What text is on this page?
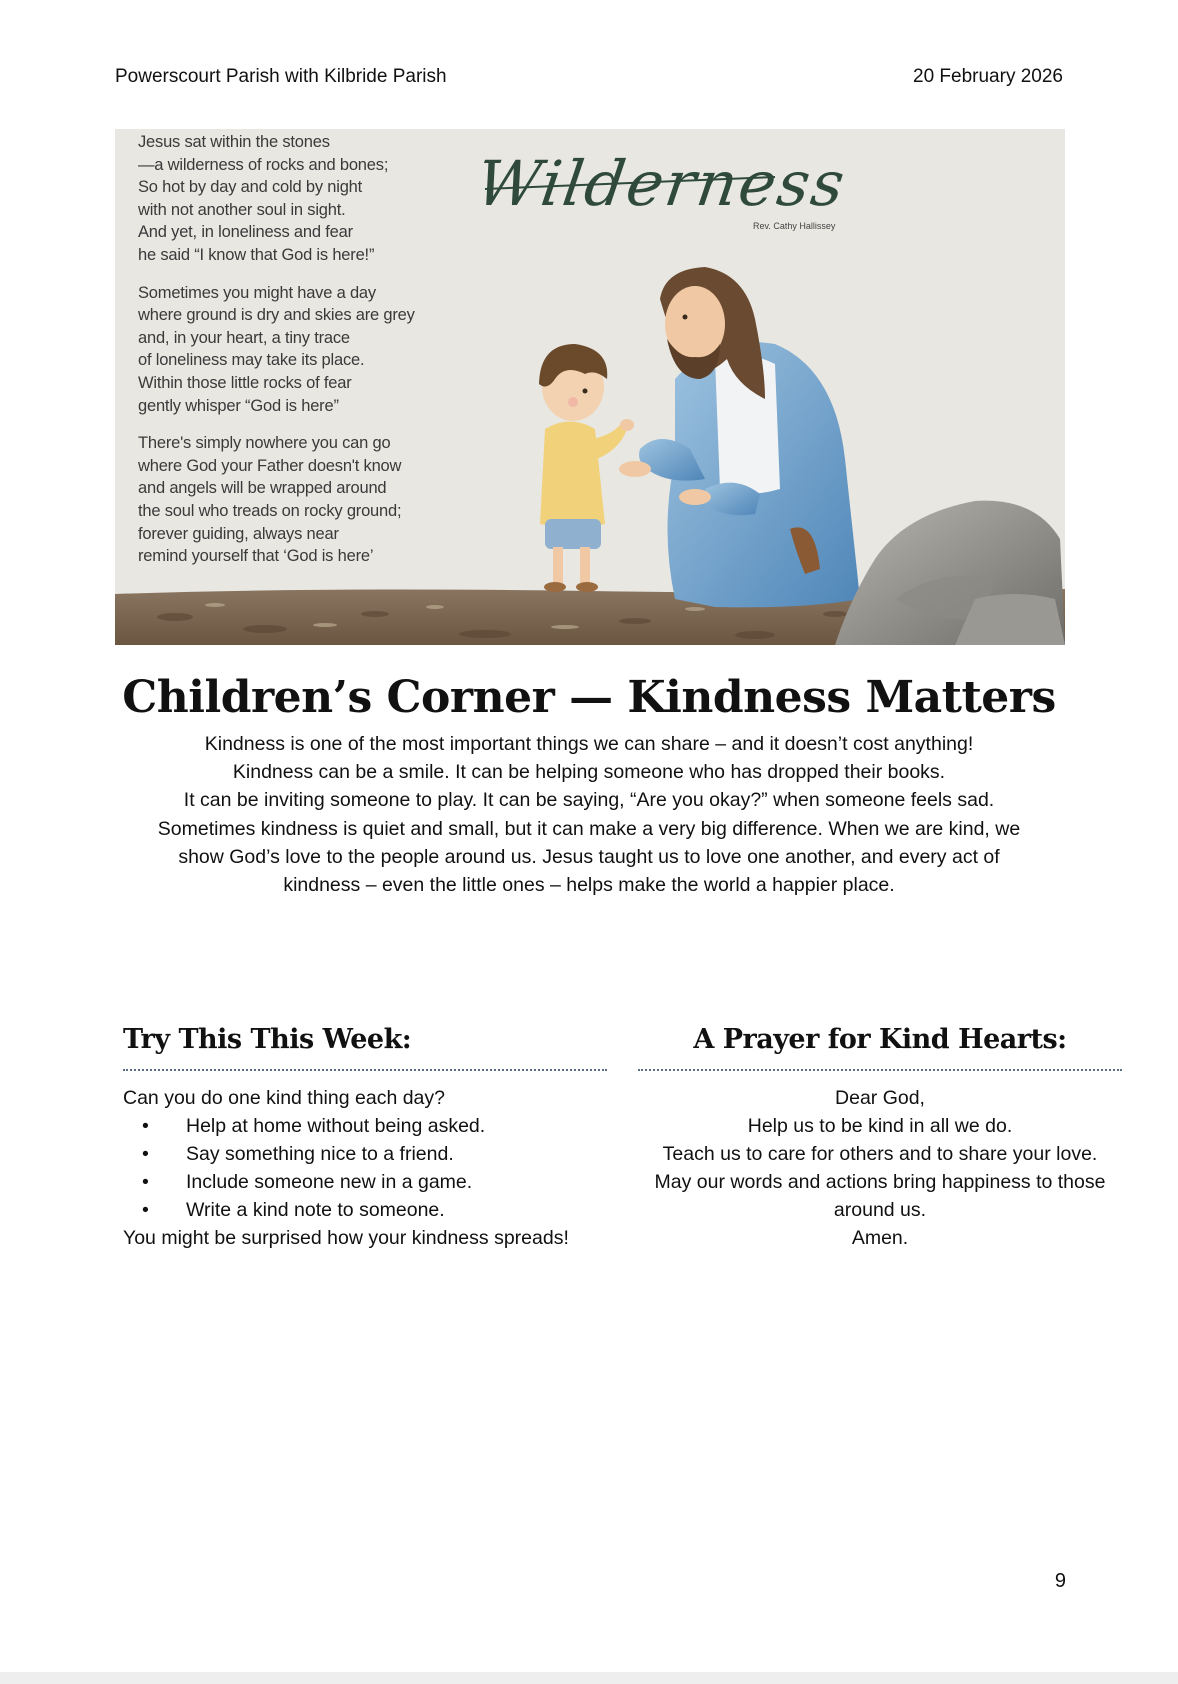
Powerscourt Parish with Kilbride Parish	20 February 2026
Wilderness
Rev. Cathy Hallissey
Jesus sat within the stones
—a wilderness of rocks and bones;
So hot by day and cold by night
with not another soul in sight.
And yet, in loneliness and fear
he said “I know that God is here!”
Sometimes you might have a day
where ground is dry and skies are grey
and, in your heart, a tiny trace
of loneliness may take its place.
Within those little rocks of fear
gently whisper “God is here”
There's simply nowhere you can go
where God your Father doesn't know
and angels will be wrapped around
the soul who treads on rocky ground;
forever guiding, always near
remind yourself that ‘God is here’
Children’s Corner — Kindness Matters
Kindness is one of the most important things we can share – and it doesn’t cost anything!
Kindness can be a smile. It can be helping someone who has dropped their books.
It can be inviting someone to play. It can be saying, “Are you okay?” when someone feels sad.
Sometimes kindness is quiet and small, but it can make a very big difference. When we are kind, we
show God’s love to the people around us. Jesus taught us to love one another, and every act of
kindness – even the little ones – helps make the world a happier place.
Try This This Week:	A Prayer for Kind Hearts:
Can you do one kind thing each day?
• Help at home without being asked.
• Say something nice to a friend.
• Include someone new in a game.
• Write a kind note to someone.
You might be surprised how your kindness spreads!
Dear God,
Help us to be kind in all we do.
Teach us to care for others and to share your love.
May our words and actions bring happiness to those
around us.
Amen.
9
